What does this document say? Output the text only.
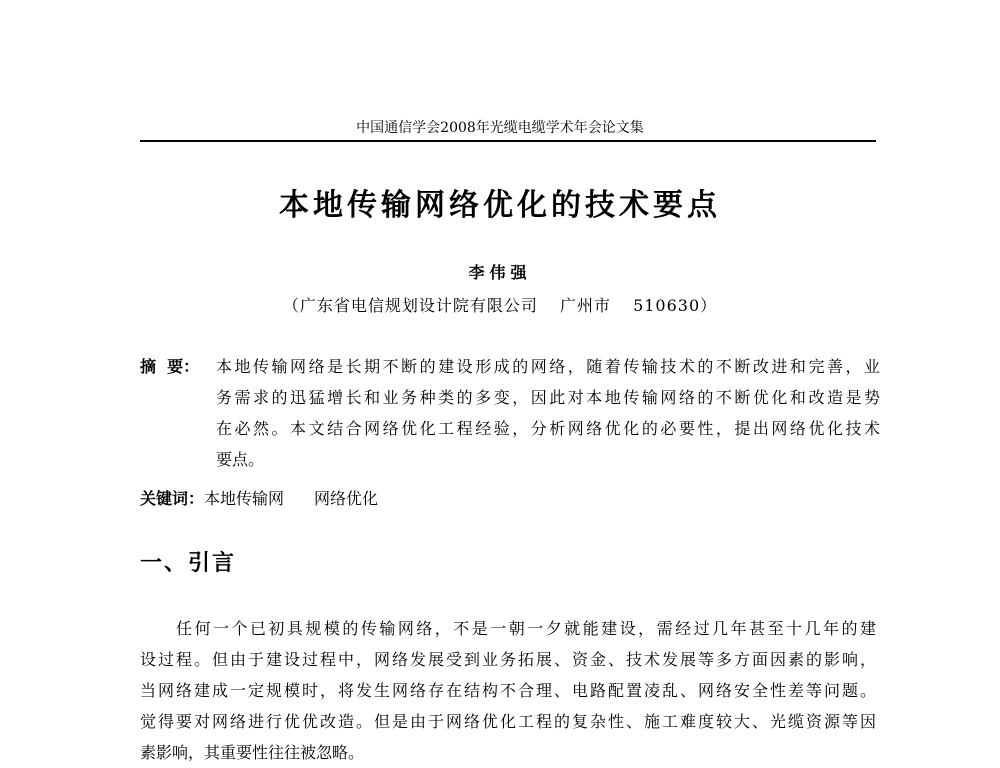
中国通信学会2008年光缆电缆学术年会论文集
本地传输网络优化的技术要点
李伟强
（广东省电信规划设计院有限公司 广州市 510630）
摘  要： 本地传输网络是长期不断的建设形成的网络，随着传输技术的不断改进和完善，业
务需求的迅猛增长和业务种类的多变，因此对本地传输网络的不断优化和改造是势
在必然。本文结合网络优化工程经验，分析网络优化的必要性，提出网络优化技术
要点。
关键词：本地传输网 网络优化
一、引言
任何一个已初具规模的传输网络，不是一朝一夕就能建设，需经过几年甚至十几年的建
设过程。但由于建设过程中，网络发展受到业务拓展、资金、技术发展等多方面因素的影响，
当网络建成一定规模时，将发生网络存在结构不合理、电路配置凌乱、网络安全性差等问题。
觉得要对网络进行优优改造。但是由于网络优化工程的复杂性、施工难度较大、光缆资源等因
素影响，其重要性往往被忽略。
